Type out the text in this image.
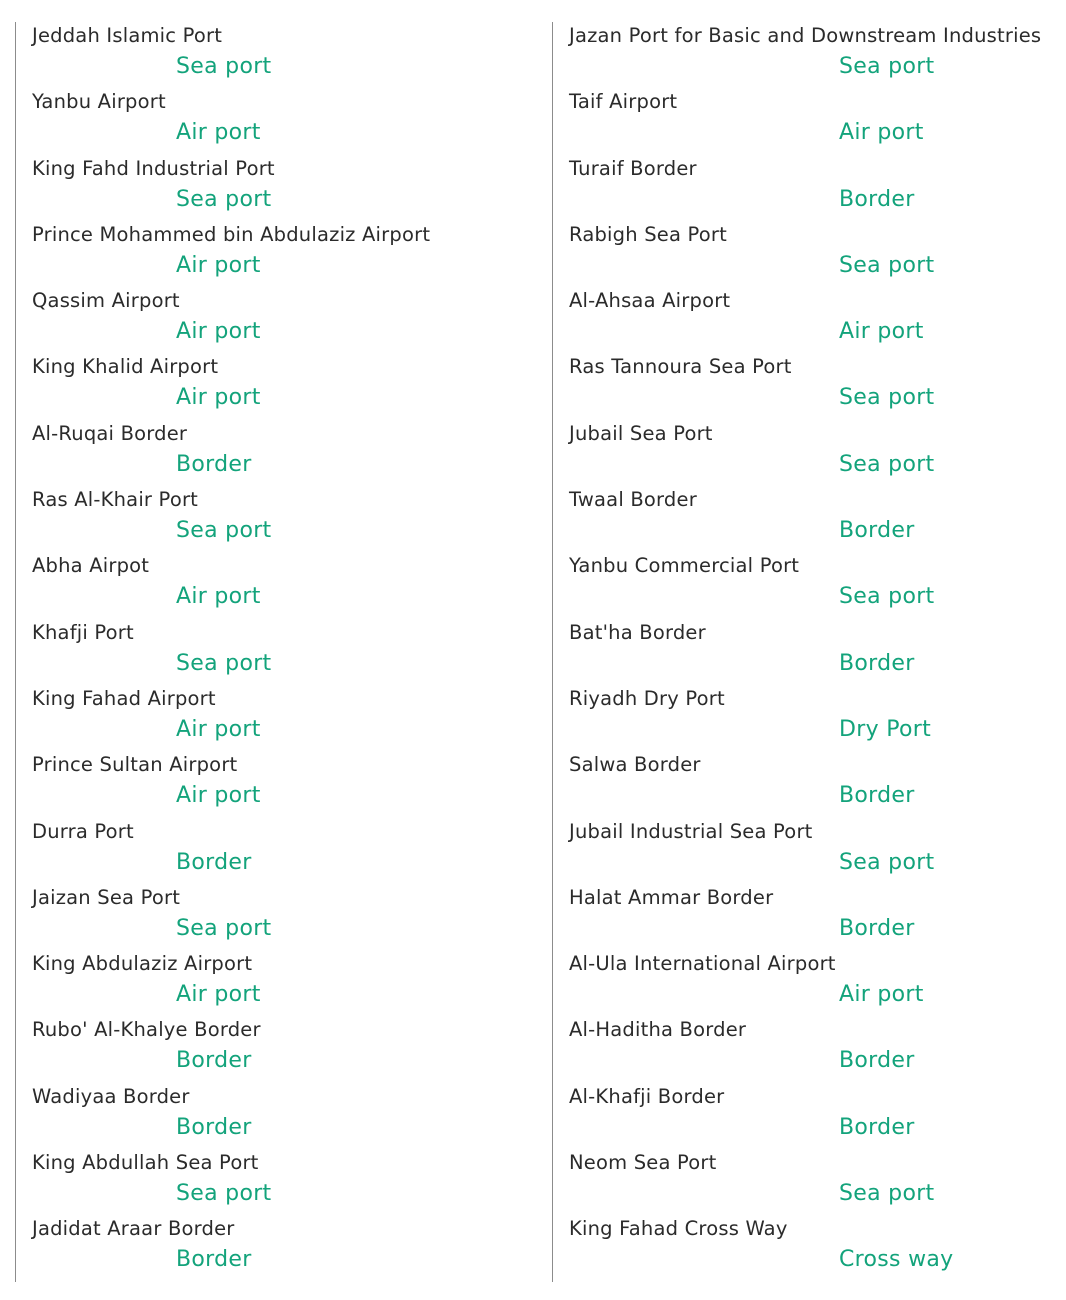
Jeddah Islamic Port
Sea port
Yanbu Airport
Air port
King Fahd Industrial Port
Sea port
Prince Mohammed bin Abdulaziz Airport
Air port
Qassim Airport
Air port
King Khalid Airport
Air port
Al-Ruqai Border
Border
Ras Al-Khair Port
Sea port
Abha Airpot
Air port
Khafji Port
Sea port
King Fahad Airport
Air port
Prince Sultan Airport
Air port
Durra Port
Border
Jaizan Sea Port
Sea port
King Abdulaziz Airport
Air port
Rubo' Al-Khalye Border
Border
Wadiyaa Border
Border
King Abdullah Sea Port
Sea port
Jadidat Araar Border
Border
Jazan Port for Basic and Downstream Industries
Sea port
Taif Airport
Air port
Turaif Border
Border
Rabigh Sea Port
Sea port
Al-Ahsaa Airport
Air port
Ras Tannoura Sea Port
Sea port
Jubail Sea Port
Sea port
Twaal Border
Border
Yanbu Commercial Port
Sea port
Bat'ha Border
Border
Riyadh Dry Port
Dry Port
Salwa Border
Border
Jubail Industrial Sea Port
Sea port
Halat Ammar Border
Border
Al-Ula International Airport
Air port
Al-Haditha Border
Border
Al-Khafji Border
Border
Neom Sea Port
Sea port
King Fahad Cross Way
Cross way
